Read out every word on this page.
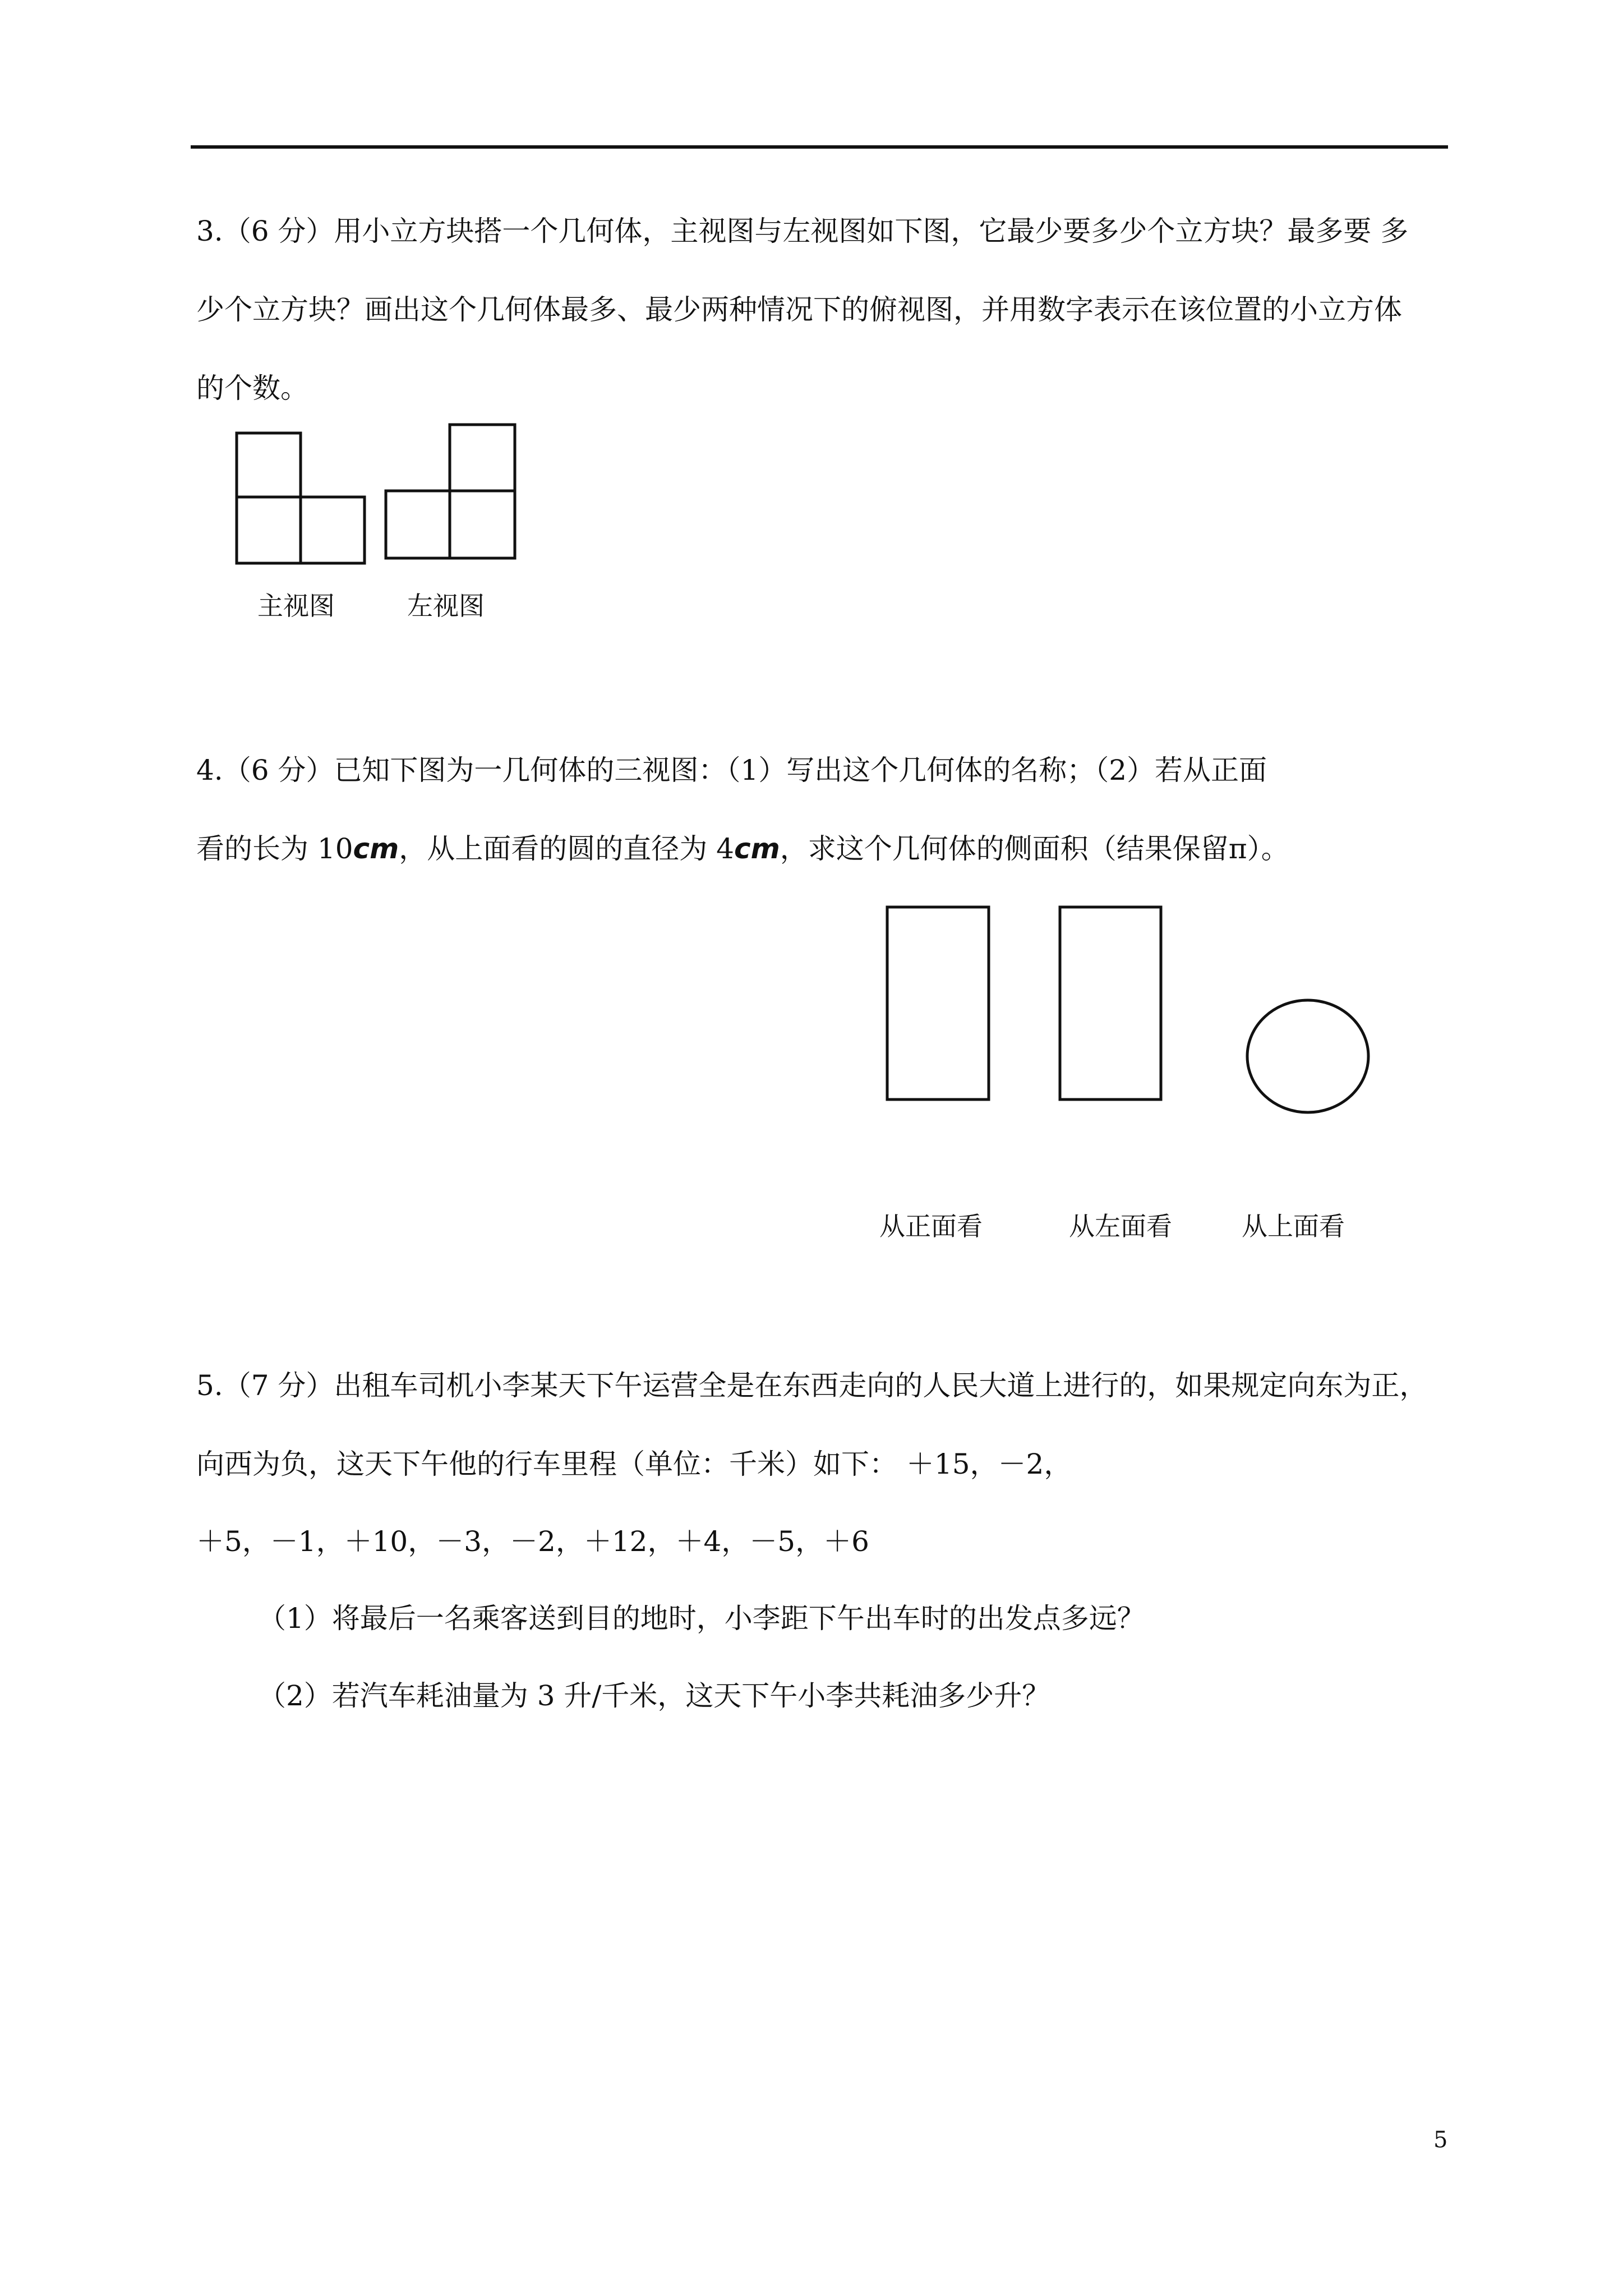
3.（6 分）用小立方块搭一个几何体，主视图与左视图如下图，它最少要多少个立方块？最多要 多
少个立方块？画出这个几何体最多、最少两种情况下的俯视图，并用数字表示在该位置的小立方体
的个数。
主视图	左视图
4.（6 分）已知下图为一几何体的三视图：（1）写出这个几何体的名称；（2）若从正面
看的长为 10cm，从上面看的圆的直径为 4cm，求这个几何体的侧面积（结果保留π）。
从正面看	从左面看	从上面看
5.（7 分）出租车司机小李某天下午运营全是在东西走向的人民大道上进行的，如果规定向东为正，
向西为负，这天下午他的行车里程（单位：千米）如下： ＋15，－2，
＋5，－1，＋10，－3，－2，＋12，＋4，－5，＋6
（1）将最后一名乘客送到目的地时，小李距下午出车时的出发点多远？
（2）若汽车耗油量为 3 升/千米，这天下午小李共耗油多少升？
5
